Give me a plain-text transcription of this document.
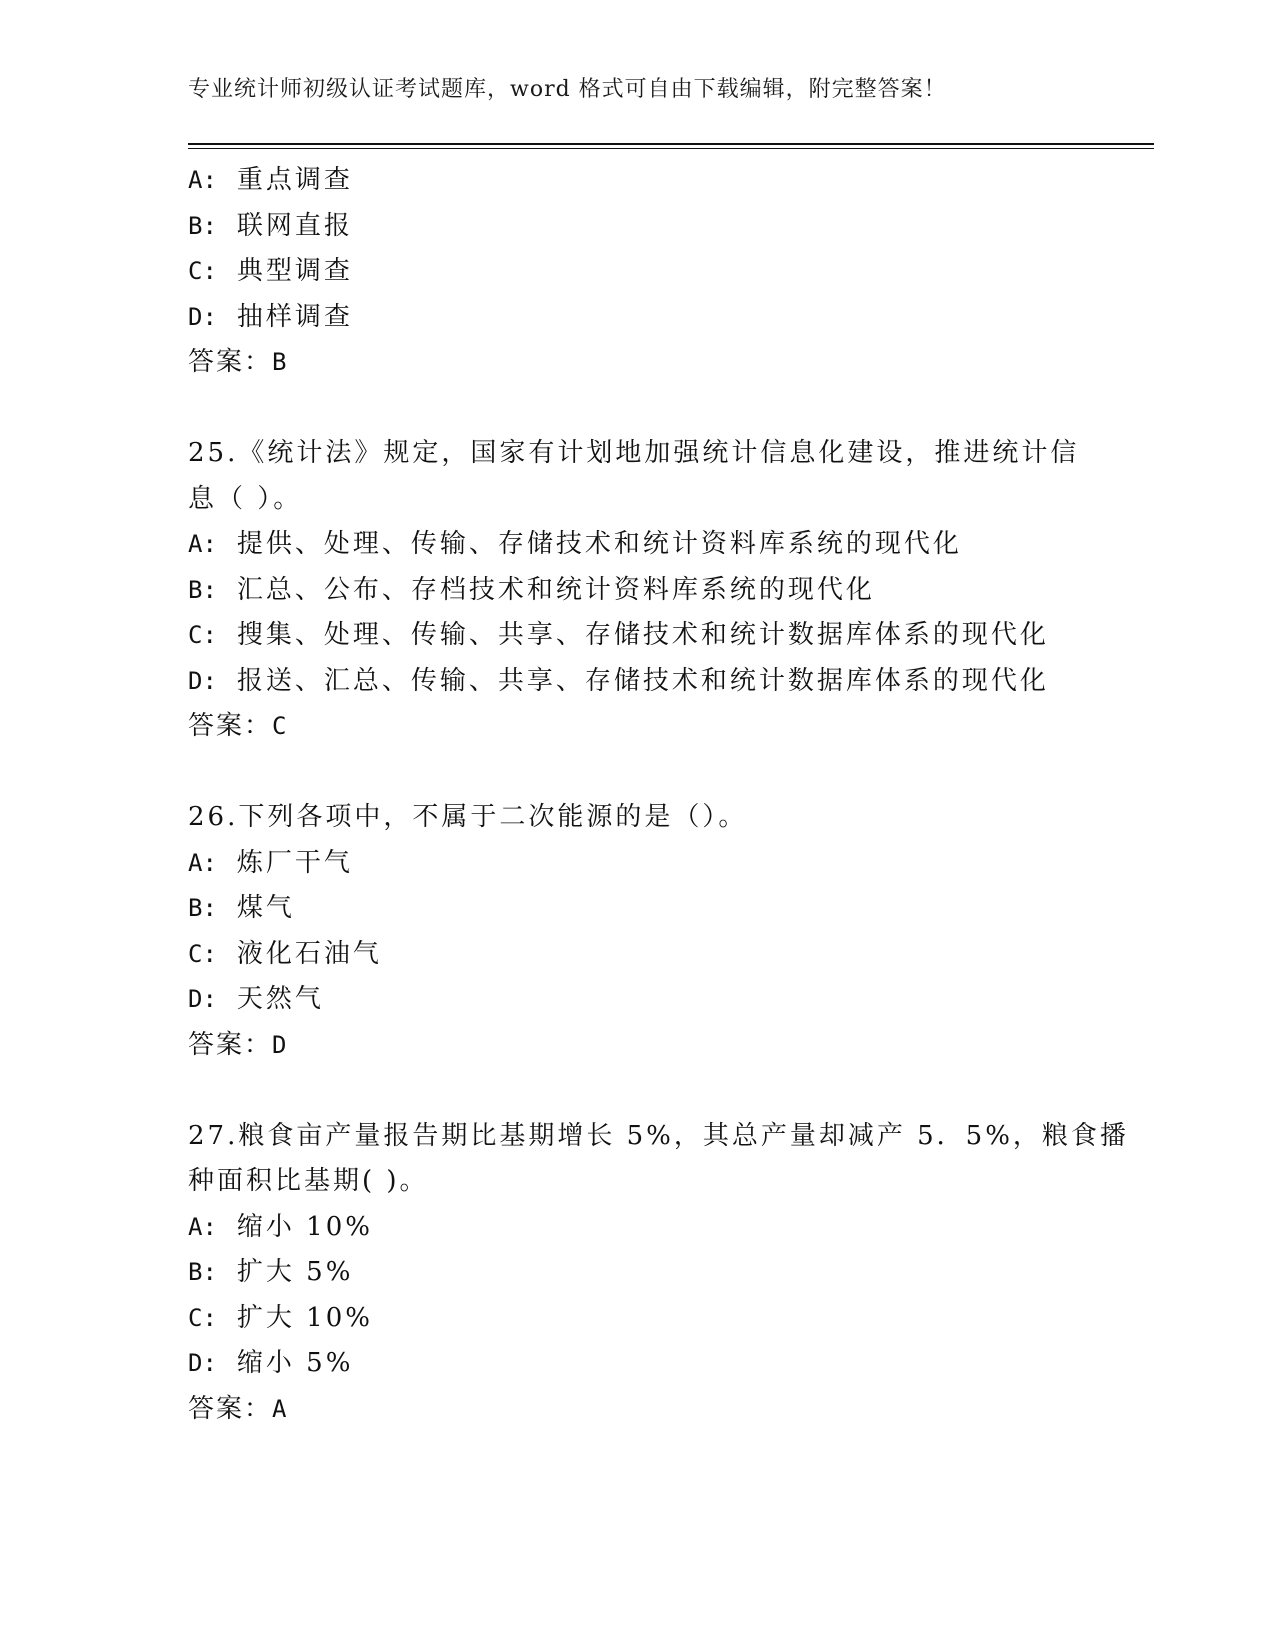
专业统计师初级认证考试题库，word 格式可自由下载编辑，附完整答案！
A: 重点调查
B: 联网直报
C: 典型调查
D: 抽样调查
答案：B
25.《统计法》规定，国家有计划地加强统计信息化建设，推进统计信
息（ ）。
A: 提供、处理、传输、存储技术和统计资料库系统的现代化
B: 汇总、公布、存档技术和统计资料库系统的现代化
C: 搜集、处理、传输、共享、存储技术和统计数据库体系的现代化
D: 报送、汇总、传输、共享、存储技术和统计数据库体系的现代化
答案：C
26.下列各项中，不属于二次能源的是（）。
A: 炼厂干气
B: 煤气
C: 液化石油气
D: 天然气
答案：D
27.粮食亩产量报告期比基期增长 5%，其总产量却减产 5．5%，粮食播
种面积比基期( )。
A: 缩小 10%
B: 扩大 5%
C: 扩大 10%
D: 缩小 5%
答案：A
